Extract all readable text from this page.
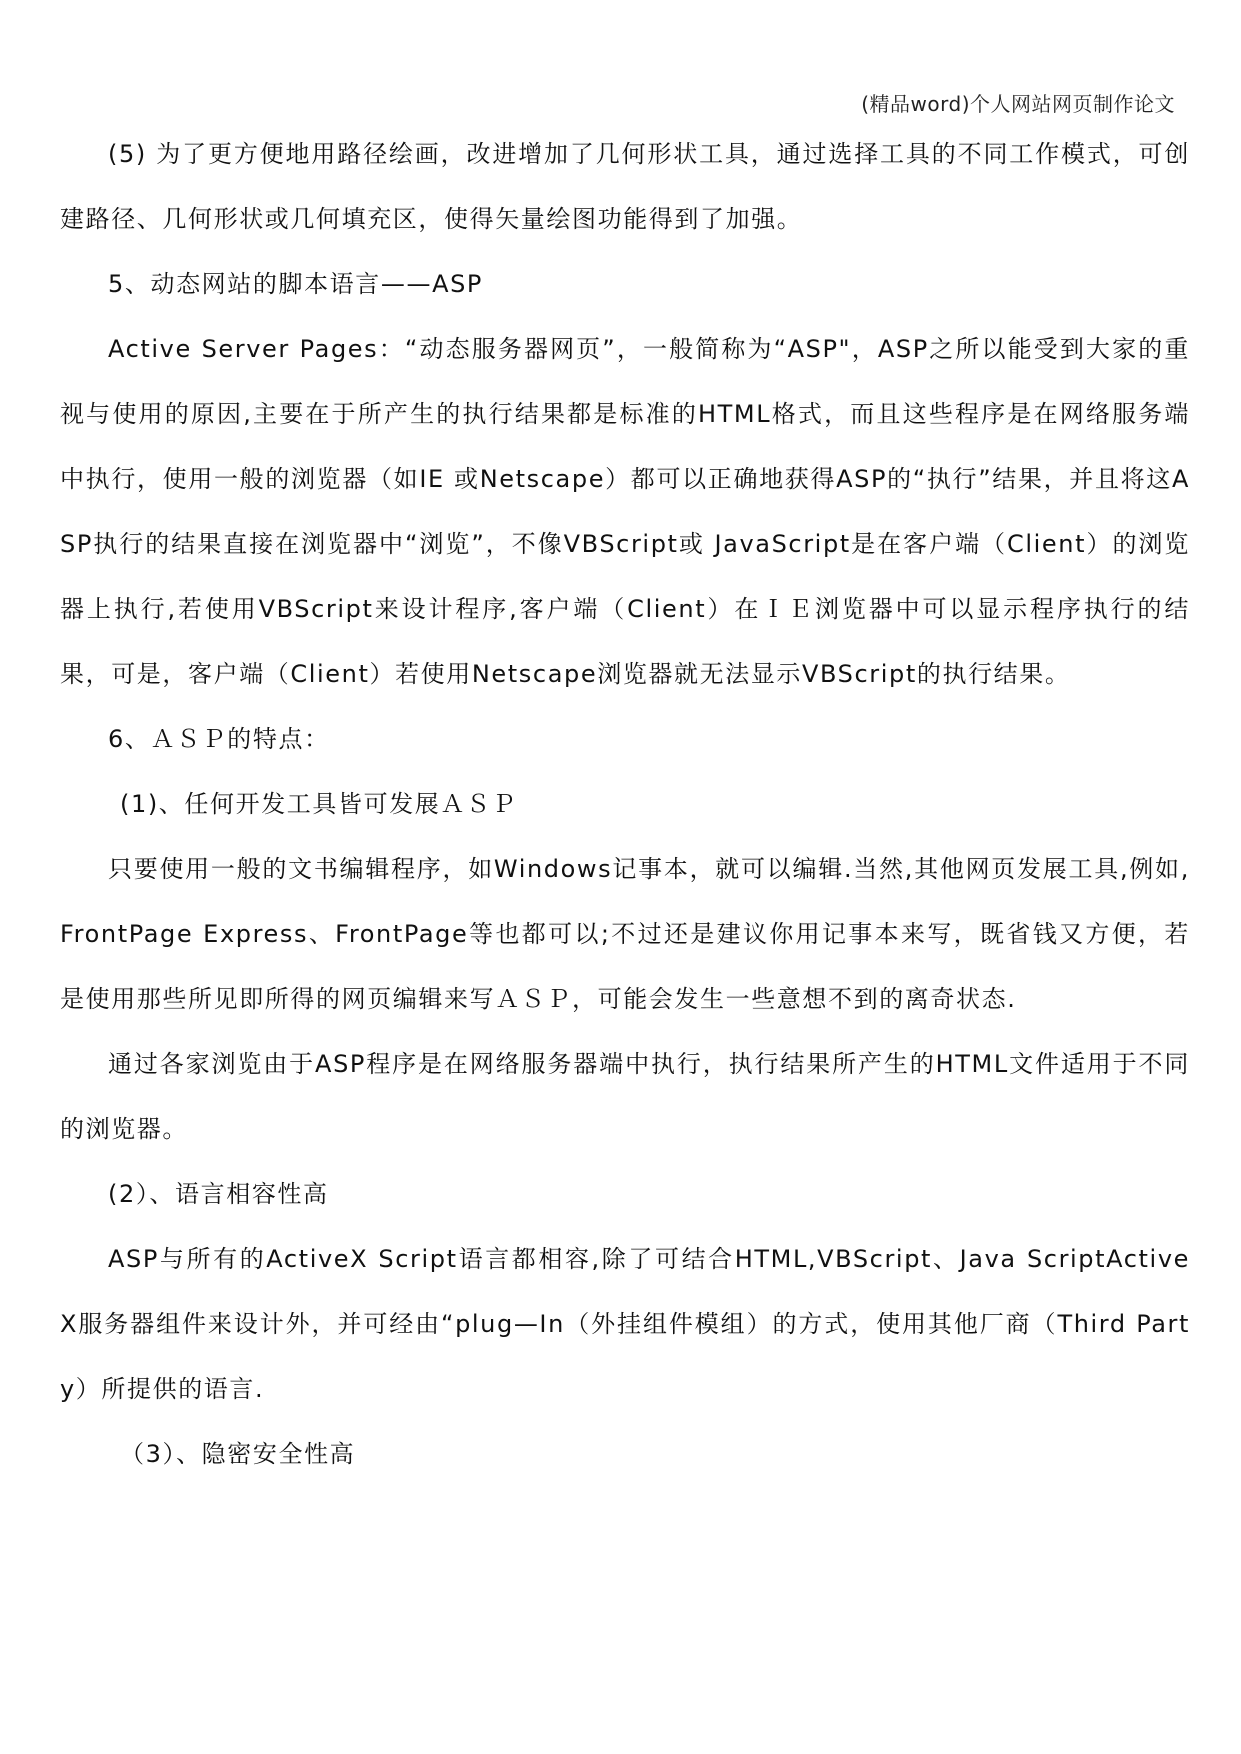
(精品word)个人网站网页制作论文

(5) 为了更方便地用路径绘画，改进增加了几何形状工具，通过选择工具的不同工作模式，可创建路径、几何形状或几何填充区，使得矢量绘图功能得到了加强。

5、动态网站的脚本语言——ASP

Active Server Pages：“动态服务器网页”，一般简称为“ASP"，ASP之所以能受到大家的重视与使用的原因,主要在于所产生的执行结果都是标准的HTML格式，而且这些程序是在网络服务端中执行，使用一般的浏览器（如IE 或Netscape）都可以正确地获得ASP的“执行”结果，并且将这ASP执行的结果直接在浏览器中“浏览”，不像VBScript或 JavaScript是在客户端（Client）的浏览器上执行,若使用VBScript来设计程序,客户端（Client）在ＩＥ浏览器中可以显示程序执行的结果，可是，客户端（Client）若使用Netscape浏览器就无法显示VBScript的执行结果。

6、ＡＳＰ的特点：

(1)、任何开发工具皆可发展ＡＳＰ

只要使用一般的文书编辑程序，如Windows记事本，就可以编辑.当然,其他网页发展工具,例如,FrontPage Express、FrontPage等也都可以;不过还是建议你用记事本来写，既省钱又方便，若是使用那些所见即所得的网页编辑来写ＡＳＰ，可能会发生一些意想不到的离奇状态.

通过各家浏览由于ASP程序是在网络服务器端中执行，执行结果所产生的HTML文件适用于不同的浏览器。

(2）、语言相容性高

ASP与所有的ActiveX Script语言都相容,除了可结合HTML,VBScript、Java ScriptActive X服务器组件来设计外，并可经由“plug—In（外挂组件模组）的方式，使用其他厂商（Third Party）所提供的语言.

（3）、隐密安全性高
